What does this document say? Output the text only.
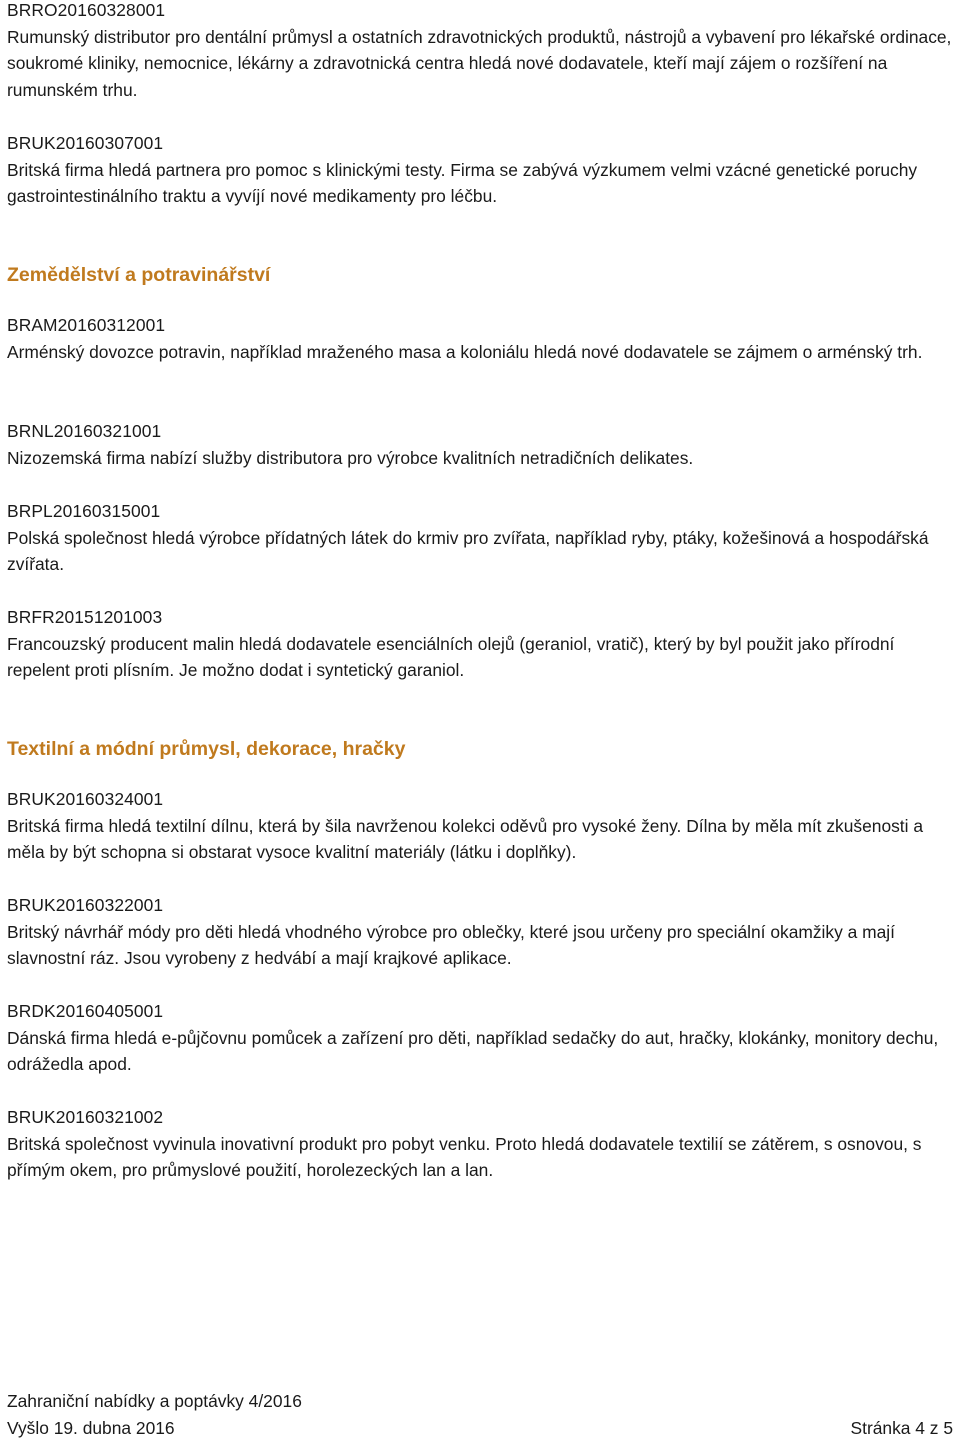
BRRO20160328001
Rumunský distributor pro dentální průmysl a ostatních zdravotnických produktů, nástrojů a vybavení pro lékařské ordinace, soukromé kliniky, nemocnice, lékárny a zdravotnická centra hledá nové dodavatele, kteří mají zájem o rozšíření na rumunském trhu.
BRUK20160307001
Britská firma hledá partnera pro pomoc s klinickými testy. Firma se zabývá výzkumem velmi vzácné genetické poruchy gastrointestinálního traktu a vyvíjí nové medikamenty pro léčbu.
Zemědělství a potravinářství
BRAM20160312001
Arménský dovozce potravin, například mraženého masa a koloniálu hledá nové dodavatele se zájmem o arménský trh.
BRNL20160321001
Nizozemská firma nabízí služby distributora pro výrobce kvalitních netradičních delikates.
BRPL20160315001
Polská společnost hledá výrobce přídatných látek do krmiv pro zvířata, například ryby, ptáky, kožešinová a hospodářská zvířata.
BRFR20151201003
Francouzský producent malin hledá dodavatele esenciálních olejů (geraniol, vratič), který by byl použit jako přírodní repelent proti plísním. Je možno dodat i syntetický garaniol.
Textilní a módní průmysl, dekorace, hračky
BRUK20160324001
Britská firma hledá textilní dílnu, která by šila navrženou kolekci oděvů pro vysoké ženy. Dílna by měla mít zkušenosti a měla by být schopna si obstarat vysoce kvalitní materiály (látku i doplňky).
BRUK20160322001
Britský návrhář módy pro děti hledá vhodného výrobce pro oblečky, které jsou určeny pro speciální okamžiky a mají slavnostní ráz. Jsou vyrobeny z hedvábí a mají krajkové aplikace.
BRDK20160405001
Dánská firma hledá e-půjčovnu pomůcek a zařízení pro děti, například sedačky do aut, hračky, klokánky, monitory dechu, odrážedla apod.
BRUK20160321002
Britská společnost vyvinula inovativní produkt pro pobyt venku. Proto hledá dodavatele textilií se zátěrem, s osnovou, s přímým okem, pro průmyslové použití, horolezeckých lan a lan.
Zahraniční nabídky a poptávky 4/2016
Vyšlo 19. dubna 2016	Stránka 4 z 5
